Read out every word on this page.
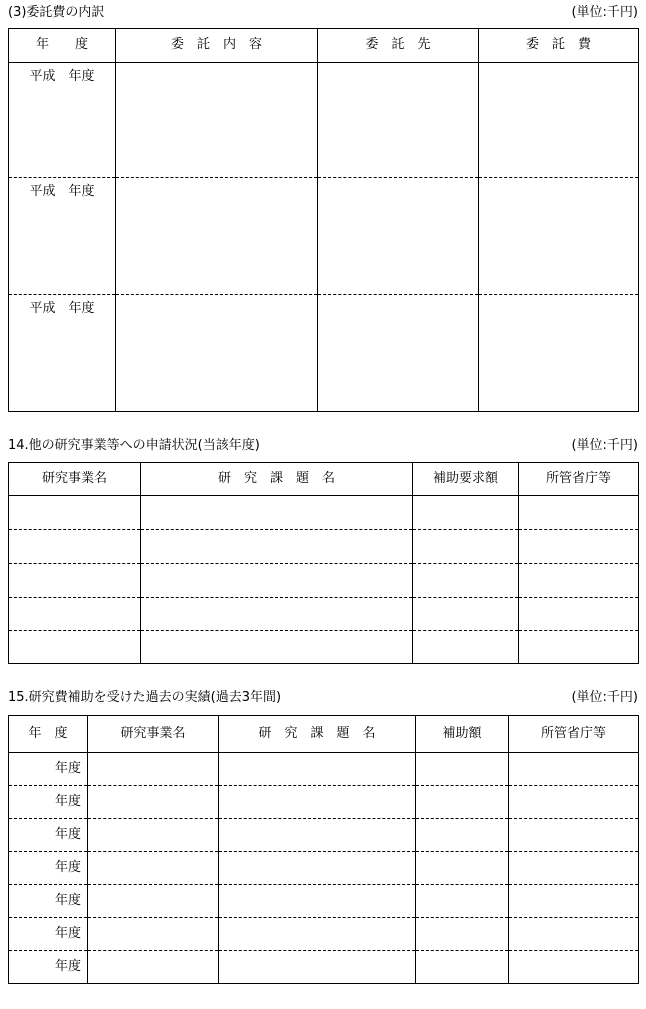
(3)委託費の内訳	(単位:千円)
年　　度	委　託　内　容	委　託　先	委　託　費
平成　年度			
平成　年度			
平成　年度			
14.他の研究事業等への申請状況(当該年度)	(単位:千円)
研究事業名	研　究　課　題　名	補助要求額	所管省庁等

15.研究費補助を受けた過去の実績(過去3年間)	(単位:千円)
年　度	研究事業名	研　究　課　題　名	補助額	所管省庁等
年度				
年度				
年度				
年度				
年度				
年度				
年度				
